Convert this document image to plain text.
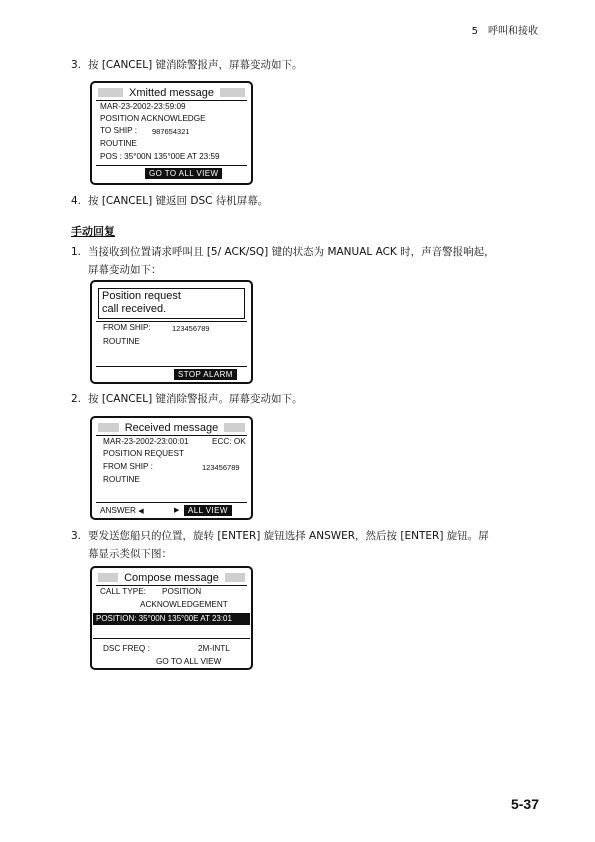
5　呼叫和接收
3. 按 [CANCEL] 键消除警报声，屏幕变动如下。
Xmitted message
MAR-23-2002-23:59:09
POSITION ACKNOWLEDGE
TO SHIP : 987654321
ROUTINE
POS : 35°00N 135°00E AT 23:59
GO TO ALL VIEW
4. 按 [CANCEL] 键返回 DSC 待机屏幕。
手动回复
1. 当接收到位置请求呼叫且 [5/ ACK/SQ] 键的状态为 MANUAL ACK 时，声音警报响起，
屏幕变动如下：
Position request
call received.
FROM SHIP:	123456789
ROUTINE
STOP ALARM
2. 按 [CANCEL] 键消除警报声。屏幕变动如下。
Received message
MAR-23-2002-23:00:01	ECC: OK
POSITION REQUEST
FROM SHIP :	123456789
ROUTINE
ANSWER ◀	▶	ALL VIEW
3. 要发送您船只的位置，旋转 [ENTER] 旋钮选择 ANSWER，然后按 [ENTER] 旋钮。屏
幕显示类似下图：
Compose message
CALL TYPE: POSITION
ACKNOWLEDGEMENT
POSITION: 35°00N 135°00E AT 23:01
DSC FREQ :	2M-INTL
GO TO ALL VIEW
5-37
